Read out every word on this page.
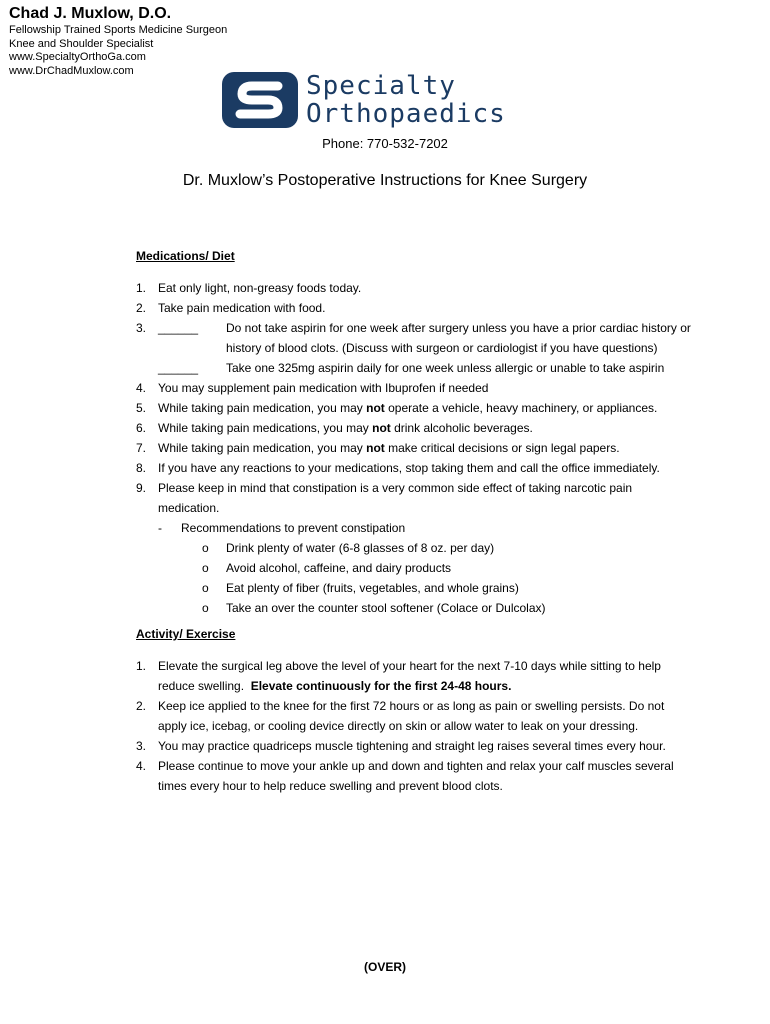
Chad J. Muxlow, D.O.
Fellowship Trained Sports Medicine Surgeon
Knee and Shoulder Specialist
www.SpecialtyOrthoGa.com
www.DrChadMuxlow.com
Specialty
Orthopaedics
Phone: 770-532-7202
Dr. Muxlow’s Postoperative Instructions for Knee Surgery
Medications/ Diet
1. Eat only light, non-greasy foods today.
2. Take pain medication with food.
3. ______	Do not take aspirin for one week after surgery unless you have a prior cardiac history or history of blood clots. (Discuss with surgeon or cardiologist if you have questions)
______	Take one 325mg aspirin daily for one week unless allergic or unable to take aspirin
4. You may supplement pain medication with Ibuprofen if needed
5. While taking pain medication, you may not operate a vehicle, heavy machinery, or appliances.
6. While taking pain medications, you may not drink alcoholic beverages.
7. While taking pain medication, you may not make critical decisions or sign legal papers.
8. If you have any reactions to your medications, stop taking them and call the office immediately.
9. Please keep in mind that constipation is a very common side effect of taking narcotic pain medication.
-	Recommendations to prevent constipation
o	Drink plenty of water (6-8 glasses of 8 oz. per day)
o	Avoid alcohol, caffeine, and dairy products
o	Eat plenty of fiber (fruits, vegetables, and whole grains)
o	Take an over the counter stool softener (Colace or Dulcolax)
Activity/ Exercise
1. Elevate the surgical leg above the level of your heart for the next 7-10 days while sitting to help reduce swelling. Elevate continuously for the first 24-48 hours.
2. Keep ice applied to the knee for the first 72 hours or as long as pain or swelling persists. Do not apply ice, icebag, or cooling device directly on skin or allow water to leak on your dressing.
3. You may practice quadriceps muscle tightening and straight leg raises several times every hour.
4. Please continue to move your ankle up and down and tighten and relax your calf muscles several times every hour to help reduce swelling and prevent blood clots.
(OVER)
